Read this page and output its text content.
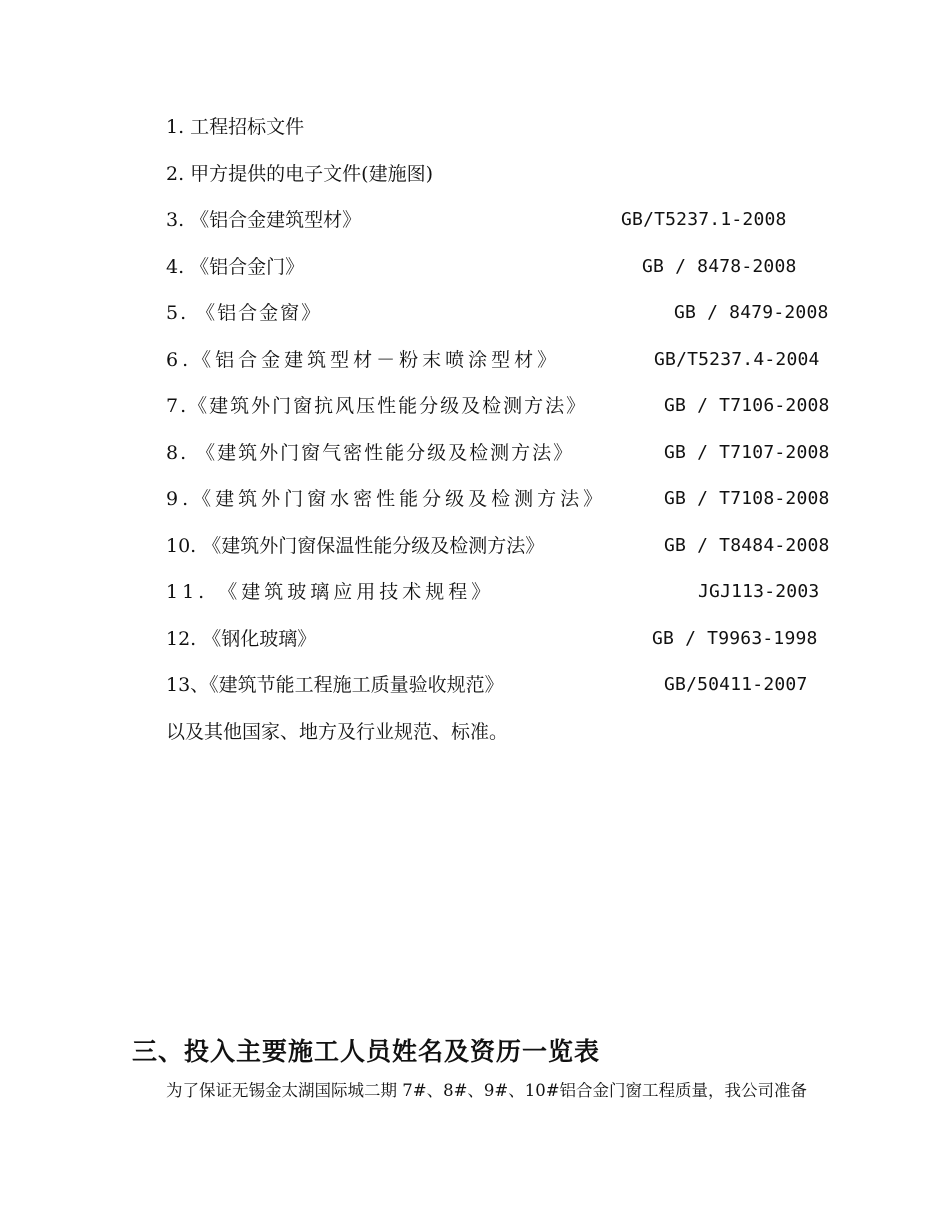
1. 工程招标文件
2. 甲方提供的电子文件(建施图)
3. 《铝合金建筑型材》	GB/T5237.1-2008
4. 《铝合金门》	GB / 8478-2008
5. 《铝合金窗》	GB / 8479-2008
6.《铝合金建筑型材－粉末喷涂型材》	GB/T5237.4-2004
7.《建筑外门窗抗风压性能分级及检测方法》	GB / T7106-2008
8. 《建筑外门窗气密性能分级及检测方法》	GB / T7107-2008
9.《建筑外门窗水密性能分级及检测方法》	GB / T7108-2008
10. 《建筑外门窗保温性能分级及检测方法》	GB / T8484-2008
11. 《建筑玻璃应用技术规程》	JGJ113-2003
12. 《钢化玻璃》	GB / T9963-1998
13、《建筑节能工程施工质量验收规范》	GB/50411-2007
以及其他国家、地方及行业规范、标准。
三、投入主要施工人员姓名及资历一览表
为了保证无锡金太湖国际城二期 7#、8#、9#、10#铝合金门窗工程质量，我公司准备
